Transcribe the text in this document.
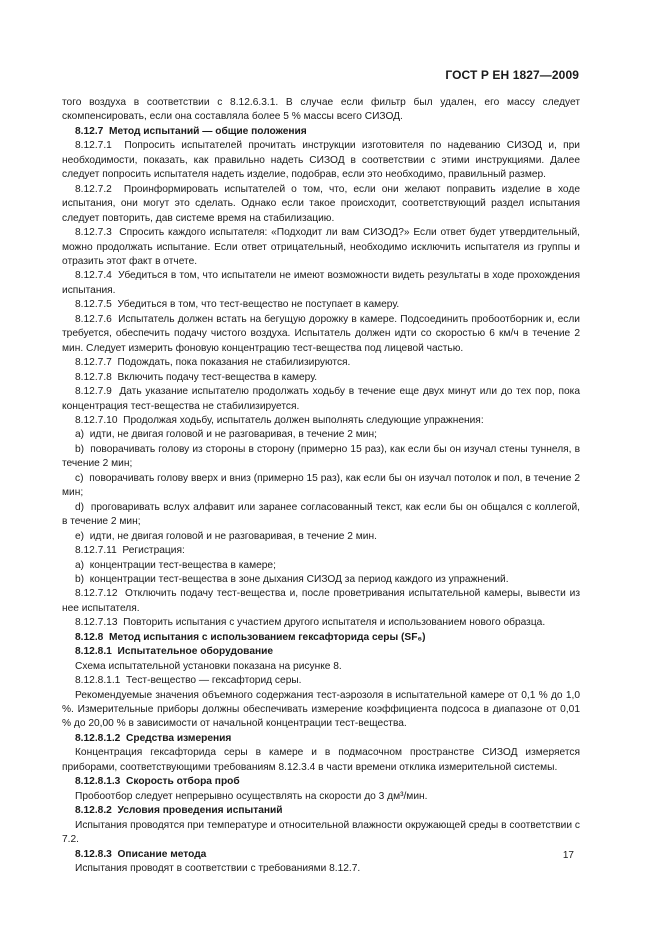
ГОСТ Р ЕН 1827—2009

того воздуха в соответствии с 8.12.6.3.1. В случае если фильтр был удален, его массу следует скомпенсировать, если она составляла более 5 % массы всего СИЗОД.

8.12.7 Метод испытаний — общие положения

8.12.7.1 Попросить испытателей прочитать инструкции изготовителя по надеванию СИЗОД и, при необходимости, показать, как правильно надеть СИЗОД в соответствии с этими инструкциями. Далее следует попросить испытателя надеть изделие, подобрав, если это необходимо, правильный размер.

8.12.7.2 Проинформировать испытателей о том, что, если они желают поправить изделие в ходе испытания, они могут это сделать. Однако если такое происходит, соответствующий раздел испытания следует повторить, дав системе время на стабилизацию.

8.12.7.3 Спросить каждого испытателя: «Подходит ли вам СИЗОД?» Если ответ будет утвердительный, можно продолжать испытание. Если ответ отрицательный, необходимо исключить испытателя из группы и отразить этот факт в отчете.

8.12.7.4 Убедиться в том, что испытатели не имеют возможности видеть результаты в ходе прохождения испытания.

8.12.7.5 Убедиться в том, что тест-вещество не поступает в камеру.

8.12.7.6 Испытатель должен встать на бегущую дорожку в камере. Подсоединить пробоотборник и, если требуется, обеспечить подачу чистого воздуха. Испытатель должен идти со скоростью 6 км/ч в течение 2 мин. Следует измерить фоновую концентрацию тест-вещества под лицевой частью.

8.12.7.7 Подождать, пока показания не стабилизируются.

8.12.7.8 Включить подачу тест-вещества в камеру.

8.12.7.9 Дать указание испытателю продолжать ходьбу в течение еще двух минут или до тех пор, пока концентрация тест-вещества не стабилизируется.

8.12.7.10 Продолжая ходьбу, испытатель должен выполнять следующие упражнения:

a) идти, не двигая головой и не разговаривая, в течение 2 мин;

b) поворачивать голову из стороны в сторону (примерно 15 раз), как если бы он изучал стены туннеля, в течение 2 мин;

c) поворачивать голову вверх и вниз (примерно 15 раз), как если бы он изучал потолок и пол, в течение 2 мин;

d) проговаривать вслух алфавит или заранее согласованный текст, как если бы он общался с коллегой, в течение 2 мин;

e) идти, не двигая головой и не разговаривая, в течение 2 мин.

8.12.7.11 Регистрация:

a) концентрации тест-вещества в камере;

b) концентрации тест-вещества в зоне дыхания СИЗОД за период каждого из упражнений.

8.12.7.12 Отключить подачу тест-вещества и, после проветривания испытательной камеры, вывести из нее испытателя.

8.12.7.13 Повторить испытания с участием другого испытателя и использованием нового образца.

8.12.8 Метод испытания с использованием гексафторида серы (SF₆)

8.12.8.1 Испытательное оборудование

Схема испытательной установки показана на рисунке 8.

8.12.8.1.1 Тест-вещество — гексафторид серы.

Рекомендуемые значения объемного содержания тест-аэрозоля в испытательной камере от 0,1 % до 1,0 %. Измерительные приборы должны обеспечивать измерение коэффициента подсоса в диапазоне от 0,01 % до 20,00 % в зависимости от начальной концентрации тест-вещества.

8.12.8.1.2 Средства измерения

Концентрация гексафторида серы в камере и в подмасочном пространстве СИЗОД измеряется приборами, соответствующими требованиям 8.12.3.4 в части времени отклика измерительной системы.

8.12.8.1.3 Скорость отбора проб

Пробоотбор следует непрерывно осуществлять на скорости до 3 дм³/мин.

8.12.8.2 Условия проведения испытаний

Испытания проводятся при температуре и относительной влажности окружающей среды в соответствии с 7.2.

8.12.8.3 Описание метода

Испытания проводят в соответствии с требованиями 8.12.7.

17
